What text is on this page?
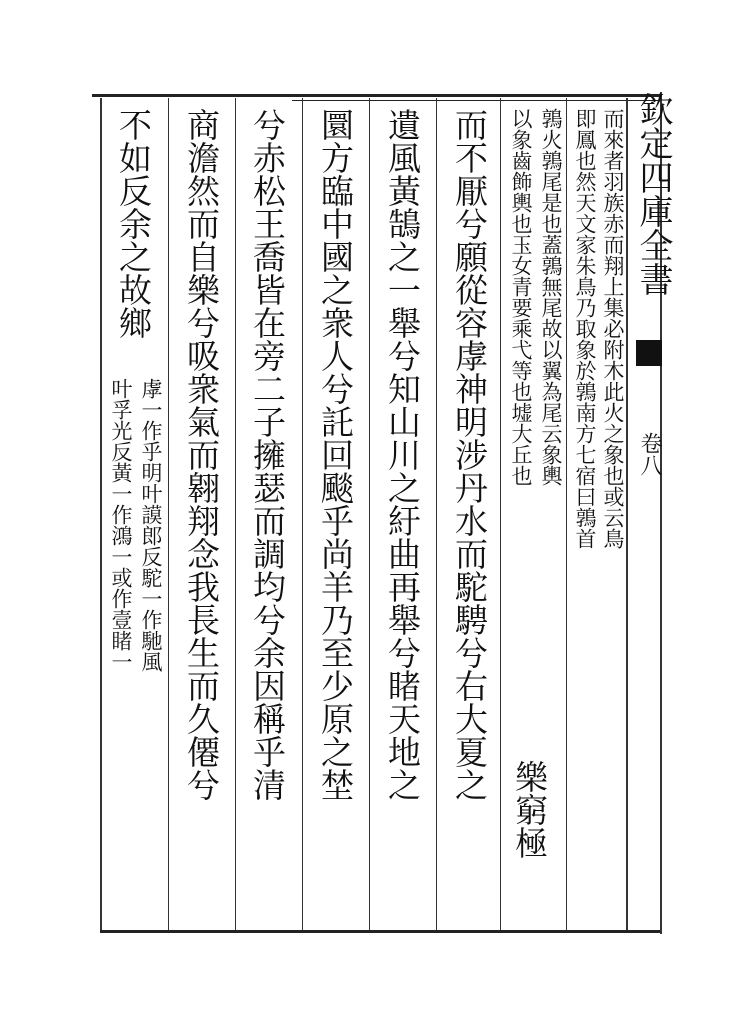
欽定四庫全書
卷八
而來者羽族赤而翔上集必附木此火之象也或云鳥
即鳳也然天文家朱鳥乃取象於鶉南方七宿曰鶉首
鶉火鶉尾是也蓋鶉無尾故以翼為尾云象輿
以象齒飾輿也玉女青要乘弋等也墟大丘也
樂窮極
而不厭兮願從容虖神明涉丹水而駝騁兮右大夏之
遺風黃鵠之一舉兮知山川之紆曲再舉兮睹天地之
圜方臨中國之衆人兮託回颷乎尚羊乃至少原之埜
兮赤松王喬皆在旁二子擁瑟而調均兮余因稱乎清
商澹然而自樂兮吸衆氣而翱翔念我長生而久僊兮
不如反余之故鄉
虖一作乎明叶謨郎反駝一作馳風
叶孚光反黃一作鴻一或作壹睹一
